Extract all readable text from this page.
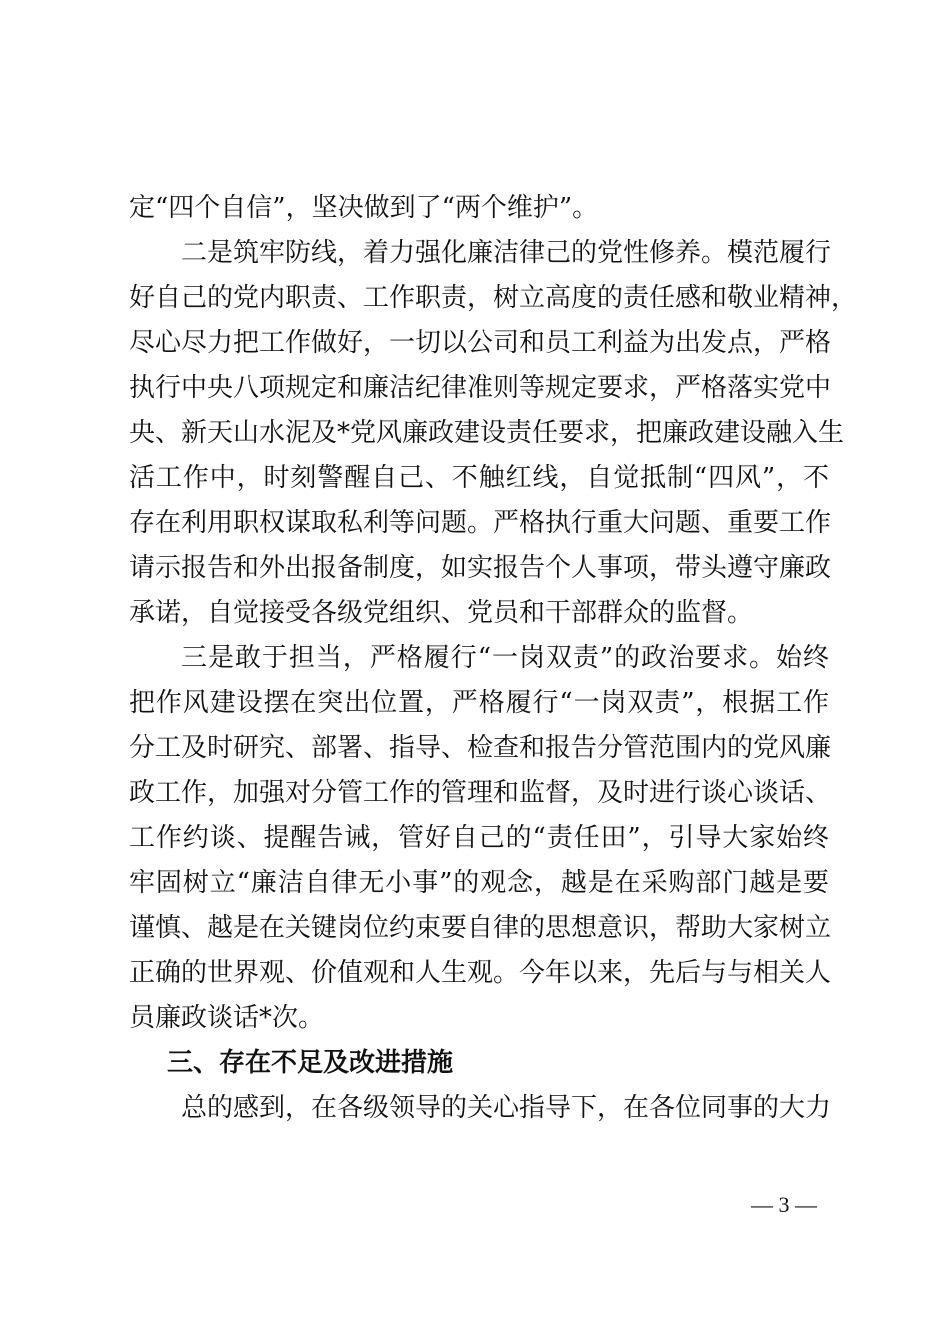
定“四个自信”，坚决做到了“两个维护”。

二是筑牢防线，着力强化廉洁律己的党性修养。模范履行
好自己的党内职责、工作职责，树立高度的责任感和敬业精神，
尽心尽力把工作做好，一切以公司和员工利益为出发点，严格
执行中央八项规定和廉洁纪律准则等规定要求，严格落实党中
央、新天山水泥及*党风廉政建设责任要求，把廉政建设融入生
活工作中，时刻警醒自己、不触红线，自觉抵制“四风”，不
存在利用职权谋取私利等问题。严格执行重大问题、重要工作
请示报告和外出报备制度，如实报告个人事项，带头遵守廉政
承诺，自觉接受各级党组织、党员和干部群众的监督。

三是敢于担当，严格履行“一岗双责”的政治要求。始终
把作风建设摆在突出位置，严格履行“一岗双责”，根据工作
分工及时研究、部署、指导、检查和报告分管范围内的党风廉
政工作，加强对分管工作的管理和监督，及时进行谈心谈话、
工作约谈、提醒告诫，管好自己的“责任田”，引导大家始终
牢固树立“廉洁自律无小事”的观念，越是在采购部门越是要
谨慎、越是在关键岗位约束要自律的思想意识，帮助大家树立
正确的世界观、价值观和人生观。今年以来，先后与与相关人
员廉政谈话*次。

三、存在不足及改进措施

总的感到，在各级领导的关心指导下，在各位同事的大力

— 3 —
